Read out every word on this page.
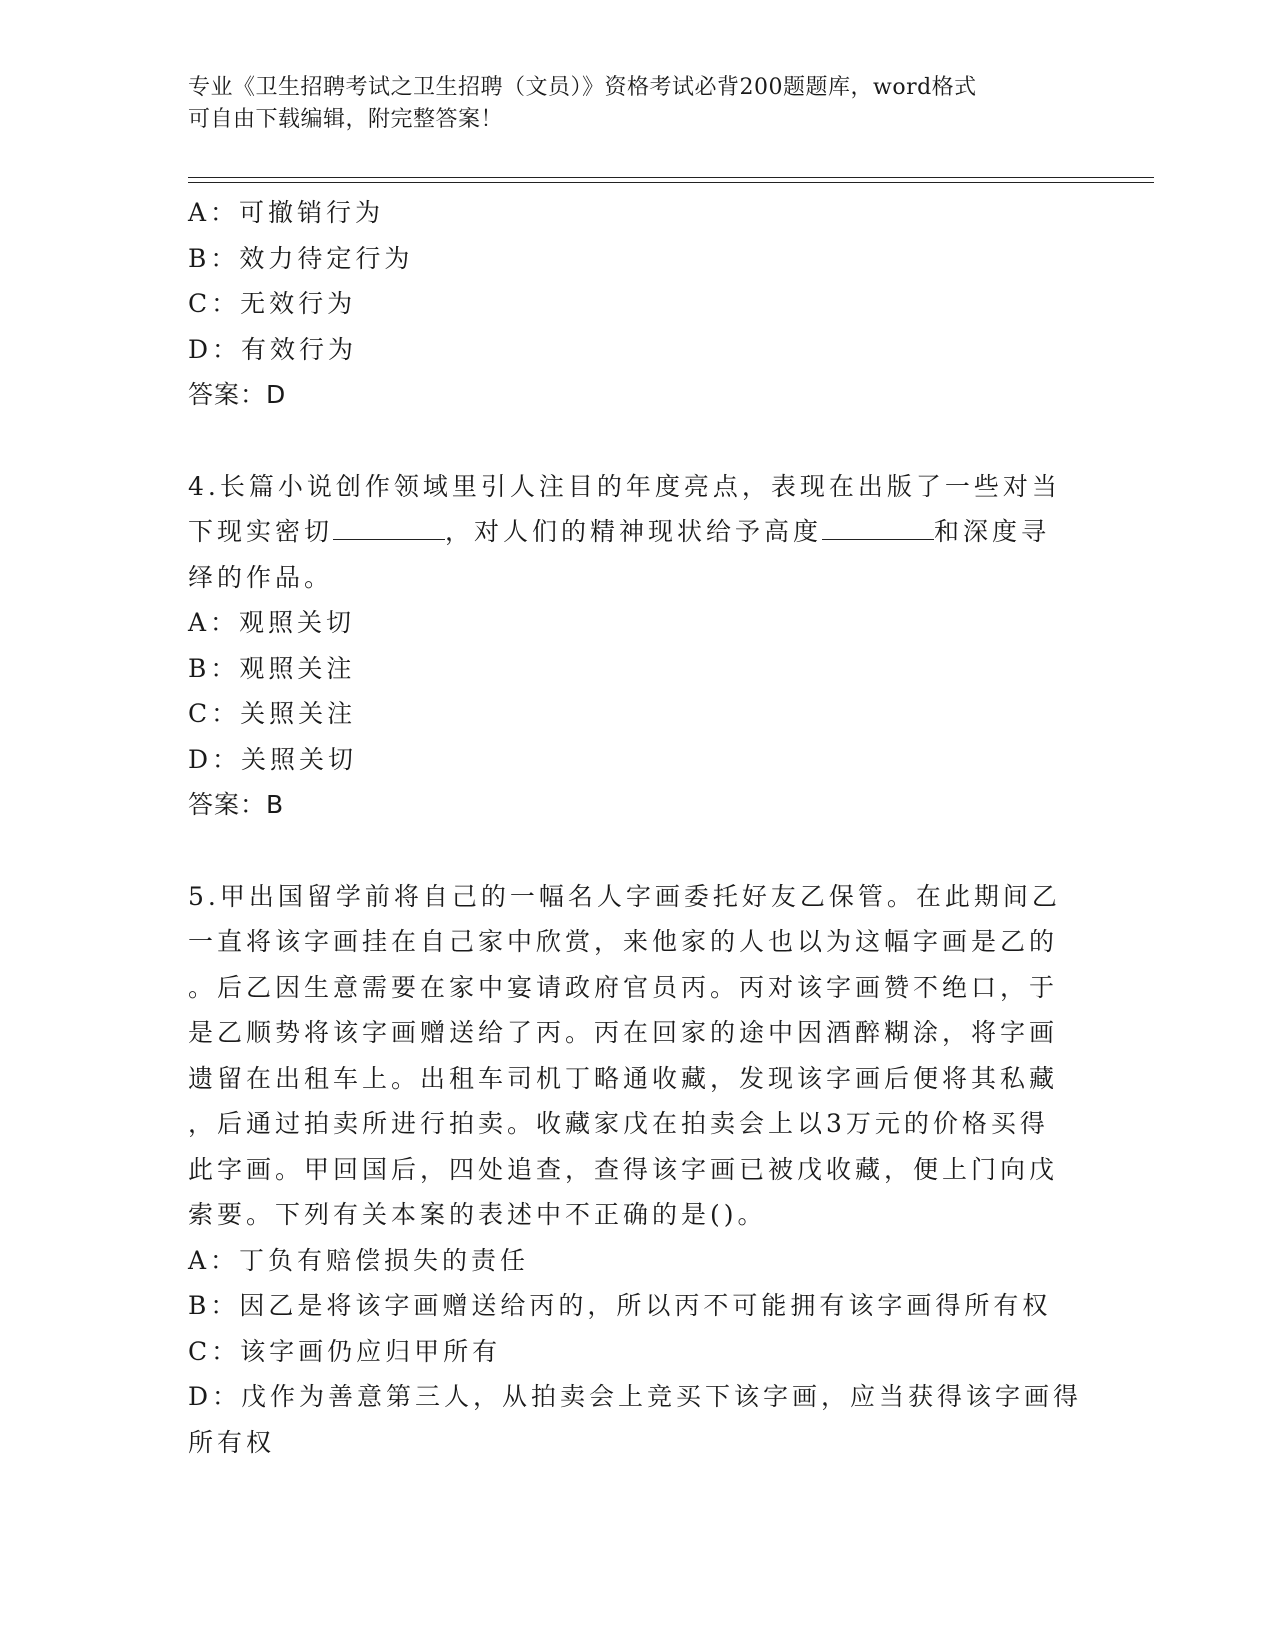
专业《卫生招聘考试之卫生招聘（文员）》资格考试必背200题题库，word格式
可自由下载编辑，附完整答案！
A：可撤销行为
B：效力待定行为
C：无效行为
D：有效行为
答案：D
4.长篇小说创作领域里引人注目的年度亮点，表现在出版了一些对当
下现实密切	，对人们的精神现状给予高度	和深度寻
绎的作品。
A：观照关切
B：观照关注
C：关照关注
D：关照关切
答案：B
5.甲出国留学前将自己的一幅名人字画委托好友乙保管。在此期间乙
一直将该字画挂在自己家中欣赏，来他家的人也以为这幅字画是乙的
。后乙因生意需要在家中宴请政府官员丙。丙对该字画赞不绝口，于
是乙顺势将该字画赠送给了丙。丙在回家的途中因酒醉糊涂，将字画
遗留在出租车上。出租车司机丁略通收藏，发现该字画后便将其私藏
，后通过拍卖所进行拍卖。收藏家戊在拍卖会上以3万元的价格买得
此字画。甲回国后，四处追查，查得该字画已被戊收藏，便上门向戊
索要。下列有关本案的表述中不正确的是()。
A：丁负有赔偿损失的责任
B：因乙是将该字画赠送给丙的，所以丙不可能拥有该字画得所有权
C：该字画仍应归甲所有
D：戊作为善意第三人，从拍卖会上竞买下该字画，应当获得该字画得
所有权
